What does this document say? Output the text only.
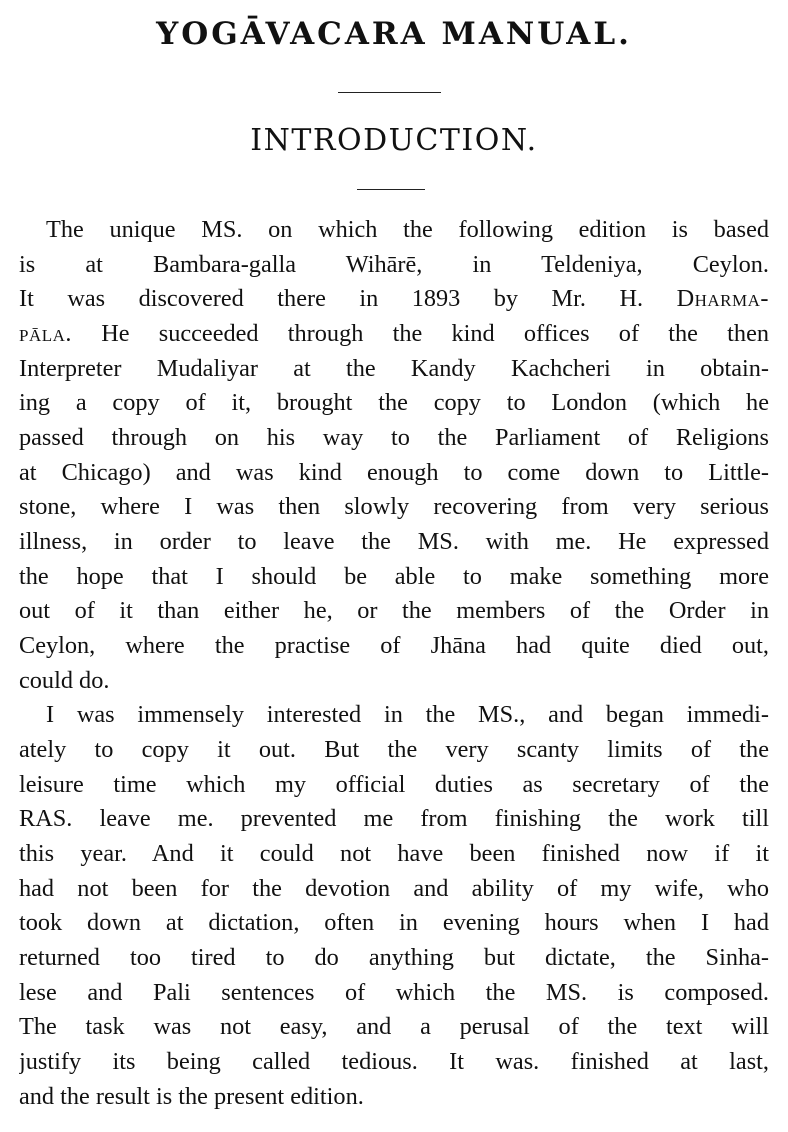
YOGĀVACARA MANUAL.
INTRODUCTION.
The unique MS. on which the following edition is based
is at Bambara-galla Wihārē, in Teldeniya, Ceylon.
It was discovered there in 1893 by Mr. H. Dharma-
pāla. He succeeded through the kind offices of the then
Interpreter Mudaliyar at the Kandy Kachcheri in obtain-
ing a copy of it, brought the copy to London (which he
passed through on his way to the Parliament of Religions
at Chicago) and was kind enough to come down to Little-
stone, where I was then slowly recovering from very serious
illness, in order to leave the MS. with me. He expressed
the hope that I should be able to make something more
out of it than either he, or the members of the Order in
Ceylon, where the practise of Jhāna had quite died out,
could do.
I was immensely interested in the MS., and began immedi-
ately to copy it out. But the very scanty limits of the
leisure time which my official duties as secretary of the
RAS. leave me. prevented me from finishing the work till
this year. And it could not have been finished now if it
had not been for the devotion and ability of my wife, who
took down at dictation, often in evening hours when I had
returned too tired to do anything but dictate, the Sinha-
lese and Pali sentences of which the MS. is composed.
The task was not easy, and a perusal of the text will
justify its being called tedious. It was. finished at last,
and the result is the present edition.
